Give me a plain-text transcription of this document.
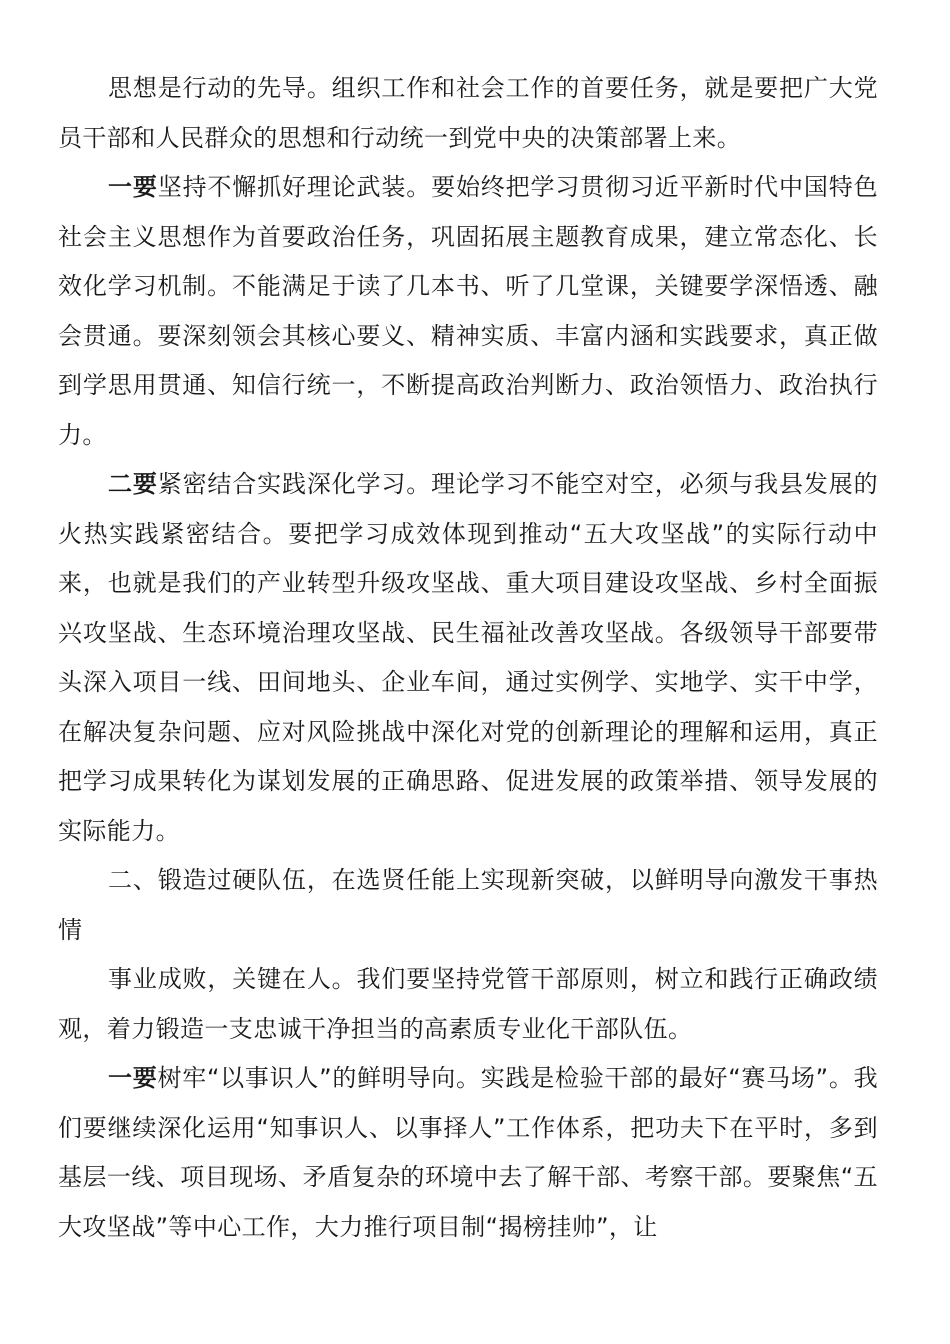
思想是行动的先导。组织工作和社会工作的首要任务，就是要把广大党员干部和人民群众的思想和行动统一到党中央的决策部署上来。

一要坚持不懈抓好理论武装。要始终把学习贯彻习近平新时代中国特色社会主义思想作为首要政治任务，巩固拓展主题教育成果，建立常态化、长效化学习机制。不能满足于读了几本书、听了几堂课，关键要学深悟透、融会贯通。要深刻领会其核心要义、精神实质、丰富内涵和实践要求，真正做到学思用贯通、知信行统一，不断提高政治判断力、政治领悟力、政治执行力。

二要紧密结合实践深化学习。理论学习不能空对空，必须与我县发展的火热实践紧密结合。要把学习成效体现到推动“五大攻坚战”的实际行动中来，也就是我们的产业转型升级攻坚战、重大项目建设攻坚战、乡村全面振兴攻坚战、生态环境治理攻坚战、民生福祉改善攻坚战。各级领导干部要带头深入项目一线、田间地头、企业车间，通过实例学、实地学、实干中学，在解决复杂问题、应对风险挑战中深化对党的创新理论的理解和运用，真正把学习成果转化为谋划发展的正确思路、促进发展的政策举措、领导发展的实际能力。

二、锻造过硬队伍，在选贤任能上实现新突破，以鲜明导向激发干事热情

事业成败，关键在人。我们要坚持党管干部原则，树立和践行正确政绩观，着力锻造一支忠诚干净担当的高素质专业化干部队伍。

一要树牢“以事识人”的鲜明导向。实践是检验干部的最好“赛马场”。我们要继续深化运用“知事识人、以事择人”工作体系，把功夫下在平时，多到基层一线、项目现场、矛盾复杂的环境中去了解干部、考察干部。要聚焦“五大攻坚战”等中心工作，大力推行项目制“揭榜挂帅”，让
